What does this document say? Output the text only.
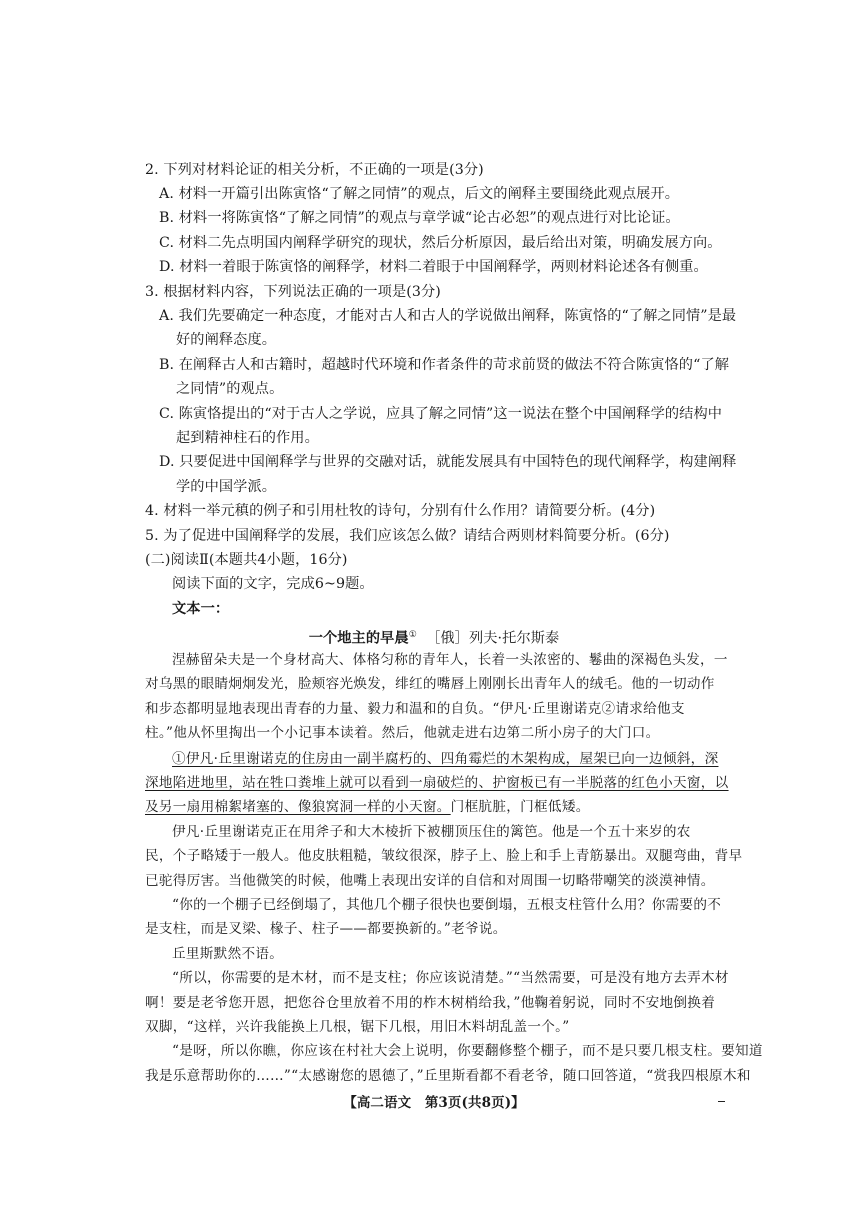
2. 下列对材料论证的相关分析，不正确的一项是(3分)
A. 材料一开篇引出陈寅恪“了解之同情”的观点，后文的阐释主要围绕此观点展开。
B. 材料一将陈寅恪“了解之同情”的观点与章学诚“论古必恕”的观点进行对比论证。
C. 材料二先点明国内阐释学研究的现状，然后分析原因，最后给出对策，明确发展方向。
D. 材料一着眼于陈寅恪的阐释学，材料二着眼于中国阐释学，两则材料论述各有侧重。
3. 根据材料内容，下列说法正确的一项是(3分)
A. 我们先要确定一种态度，才能对古人和古人的学说做出阐释，陈寅恪的“了解之同情”是最
好的阐释态度。
B. 在阐释古人和古籍时，超越时代环境和作者条件的苛求前贤的做法不符合陈寅恪的“了解
之同情”的观点。
C. 陈寅恪提出的“对于古人之学说，应具了解之同情”这一说法在整个中国阐释学的结构中
起到精神柱石的作用。
D. 只要促进中国阐释学与世界的交融对话，就能发展具有中国特色的现代阐释学，构建阐释
学的中国学派。
4. 材料一举元稹的例子和引用杜牧的诗句，分别有什么作用？请简要分析。(4分)
5. 为了促进中国阐释学的发展，我们应该怎么做？请结合两则材料简要分析。(6分)
(二)阅读Ⅱ(本题共4小题，16分)
阅读下面的文字，完成6~9题。
文本一：
一个地主的早晨① ［俄］列夫·托尔斯泰
涅赫留朵夫是一个身材高大、体格匀称的青年人，长着一头浓密的、鬈曲的深褐色头发，一
对乌黑的眼睛炯炯发光，脸颊容光焕发，绯红的嘴唇上刚刚长出青年人的绒毛。他的一切动作
和步态都明显地表现出青春的力量、毅力和温和的自负。“伊凡·丘里谢诺克②请求给他支
柱。”他从怀里掏出一个小记事本读着。然后，他就走进右边第二所小房子的大门口。
①伊凡·丘里谢诺克的住房由一副半腐朽的、四角霉烂的木架构成，屋架已向一边倾斜，深
深地陷进地里，站在牲口粪堆上就可以看到一扇破烂的、护窗板已有一半脱落的红色小天窗，以
及另一扇用棉絮堵塞的、像狼窝洞一样的小天窗。门框肮脏，门框低矮。
伊凡·丘里谢诺克正在用斧子和大木棱折下被棚顶压住的篱笆。他是一个五十来岁的农
民，个子略矮于一般人。他皮肤粗糙，皱纹很深，脖子上、脸上和手上青筋暴出。双腿弯曲，背早
已驼得厉害。当他微笑的时候，他嘴上表现出安详的自信和对周围一切略带嘲笑的淡漠神情。
“你的一个棚子已经倒塌了，其他几个棚子很快也要倒塌，五根支柱管什么用？你需要的不
是支柱，而是叉梁、椽子、柱子——都要换新的。”老爷说。
丘里斯默然不语。
“所以，你需要的是木材，而不是支柱；你应该说清楚。”“当然需要，可是没有地方去弄木材
啊！要是老爷您开恩，把您谷仓里放着不用的柞木树梢给我，”他鞠着躬说，同时不安地倒换着
双脚，“这样，兴许我能换上几根，锯下几根，用旧木料胡乱盖一个。”
“是呀，所以你瞧，你应该在村社大会上说明，你要翻修整个棚子，而不是只要几根支柱。要知道
我是乐意帮助你的……”“太感谢您的恩德了，”丘里斯看都不看老爷，随口回答道，“赏我四根原木和
【高二语文　第3页(共8页)】
